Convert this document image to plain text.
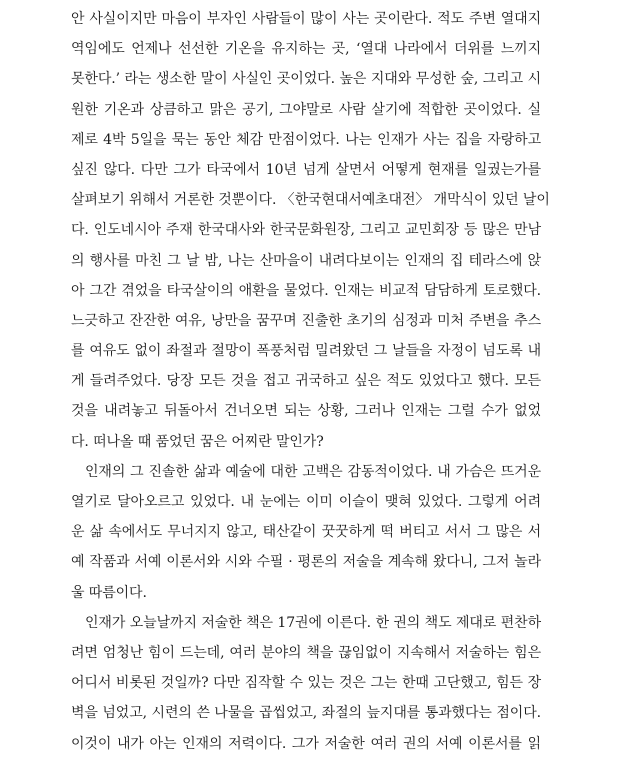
안 사실이지만 마음이 부자인 사람들이 많이 사는 곳이란다. 적도 주변 열대지
역임에도 언제나 선선한 기온을 유지하는 곳, ‘열대 나라에서 더위를 느끼지
못한다.’ 라는 생소한 말이 사실인 곳이었다. 높은 지대와 무성한 숲, 그리고 시
원한 기온과 상큼하고 맑은 공기, 그야말로 사람 살기에 적합한 곳이었다. 실
제로 4박 5일을 묵는 동안 체감 만점이었다. 나는 인재가 사는 집을 자랑하고
싶진 않다. 다만 그가 타국에서 10년 넘게 살면서 어떻게 현재를 일궜는가를
살펴보기 위해서 거론한 것뿐이다. 〈한국현대서예초대전〉 개막식이 있던 날이
다. 인도네시아 주재 한국대사와 한국문화원장, 그리고 교민회장 등 많은 만남
의 행사를 마친 그 날 밤, 나는 산마을이 내려다보이는 인재의 집 테라스에 앉
아 그간 겪었을 타국살이의 애환을 물었다. 인재는 비교적 담담하게 토로했다.
느긋하고 잔잔한 여유, 낭만을 꿈꾸며 진출한 초기의 심정과 미처 주변을 추스
를 여유도 없이 좌절과 절망이 폭풍처럼 밀려왔던 그 날들을 자정이 넘도록 내
게 들려주었다. 당장 모든 것을 접고 귀국하고 싶은 적도 있었다고 했다. 모든
것을 내려놓고 뒤돌아서 건너오면 되는 상황, 그러나 인재는 그럴 수가 없었
다. 떠나올 때 품었던 꿈은 어찌란 말인가?
인재의 그 진솔한 삶과 예술에 대한 고백은 감동적이었다. 내 가슴은 뜨거운
열기로 달아오르고 있었다. 내 눈에는 이미 이슬이 맺혀 있었다. 그렇게 어려
운 삶 속에서도 무너지지 않고, 태산같이 꿋꿋하게 떡 버티고 서서 그 많은 서
예 작품과 서예 이론서와 시와 수필 · 평론의 저술을 계속해 왔다니, 그저 놀라
울 따름이다.
인재가 오늘날까지 저술한 책은 17권에 이른다. 한 권의 책도 제대로 편찬하
려면 엄청난 힘이 드는데, 여러 분야의 책을 끊임없이 지속해서 저술하는 힘은
어디서 비롯된 것일까? 다만 짐작할 수 있는 것은 그는 한때 고단했고, 힘든 장
벽을 넘었고, 시련의 쓴 나물을 곱씹었고, 좌절의 늪지대를 통과했다는 점이다.
이것이 내가 아는 인재의 저력이다. 그가 저술한 여러 권의 서예 이론서를 읽
